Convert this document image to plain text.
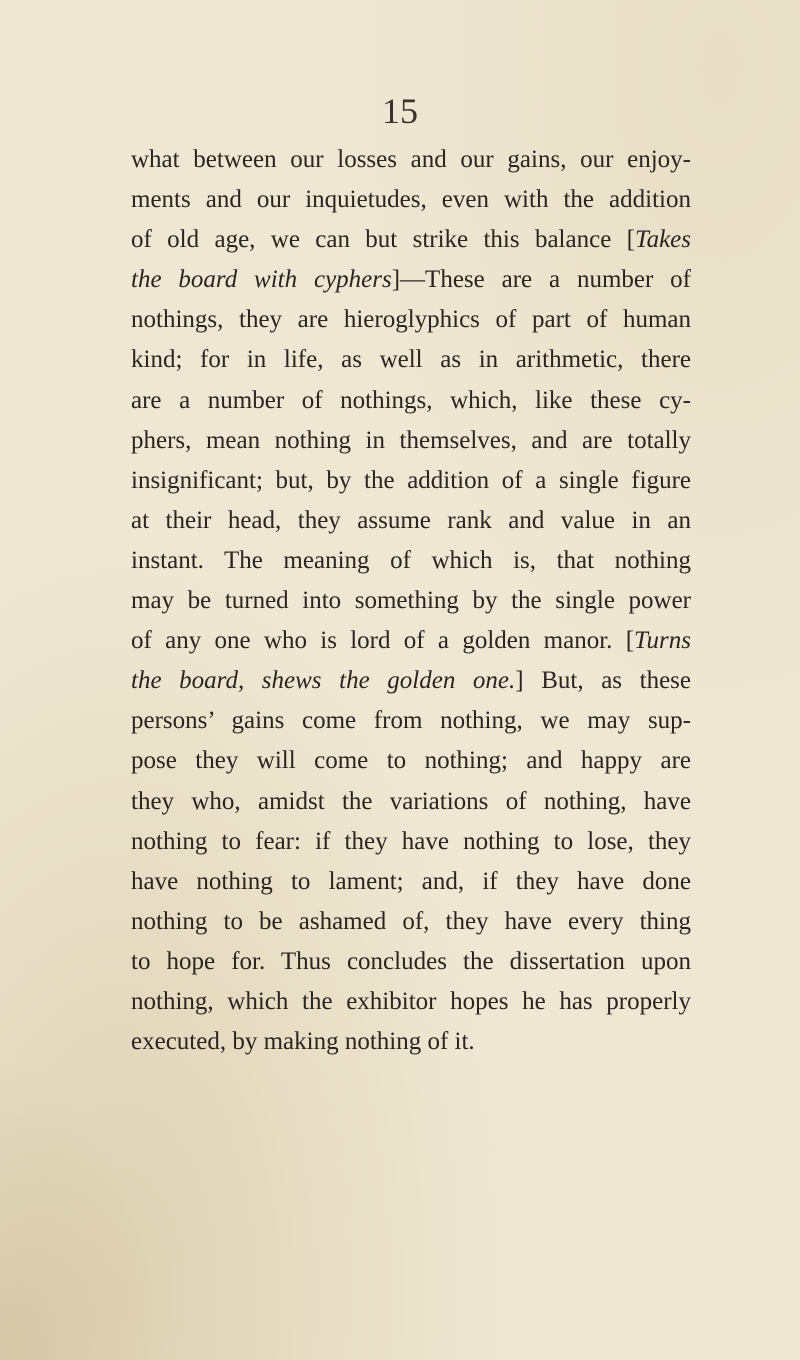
15
what between our losses and our gains, our enjoy-
ments and our inquietudes, even with the addition
of old age, we can but strike this balance [Takes
the board with cyphers]—These are a number of
nothings, they are hieroglyphics of part of human
kind; for in life, as well as in arithmetic, there
are a number of nothings, which, like these cy-
phers, mean nothing in themselves, and are totally
insignificant; but, by the addition of a single figure
at their head, they assume rank and value in an
instant. The meaning of which is, that nothing
may be turned into something by the single power
of any one who is lord of a golden manor. [Turns
the board, shews the golden one.] But, as these
persons’ gains come from nothing, we may sup-
pose they will come to nothing; and happy are
they who, amidst the variations of nothing, have
nothing to fear: if they have nothing to lose, they
have nothing to lament; and, if they have done
nothing to be ashamed of, they have every thing
to hope for. Thus concludes the dissertation upon
nothing, which the exhibitor hopes he has properly
executed, by making nothing of it.
